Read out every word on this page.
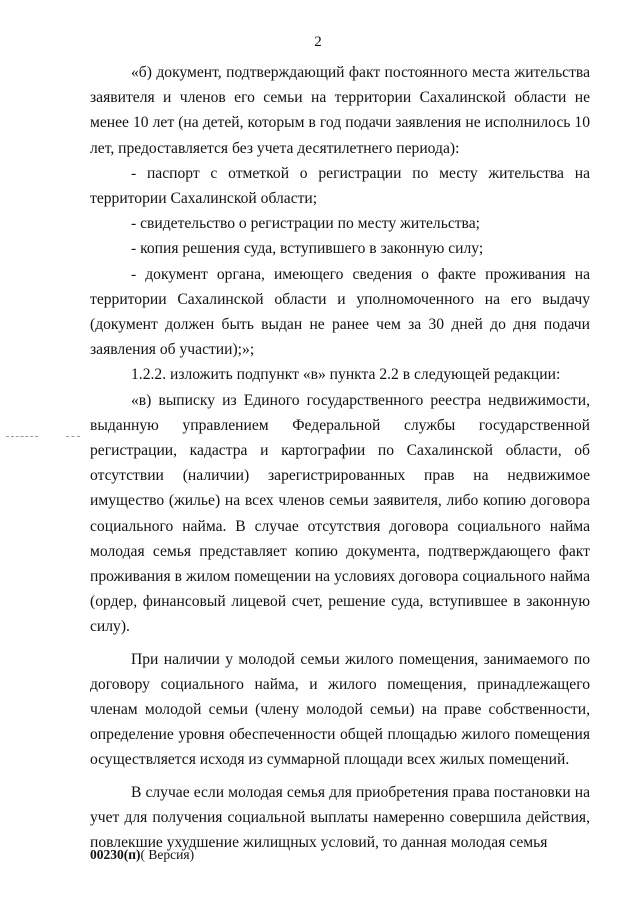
2

«б) документ, подтверждающий факт постоянного места жительства заявителя и членов его семьи на территории Сахалинской области не менее 10 лет (на детей, которым в год подачи заявления не исполнилось 10 лет, предоставляется без учета десятилетнего периода):

- паспорт с отметкой о регистрации по месту жительства на территории Сахалинской области;

- свидетельство о регистрации по месту жительства;

- копия решения суда, вступившего в законную силу;

- документ органа, имеющего сведения о факте проживания на территории Сахалинской области и уполномоченного на его выдачу (документ должен быть выдан не ранее чем за 30 дней до дня подачи заявления об участии);»;

1.2.2. изложить подпункт «в» пункта 2.2 в следующей редакции:

«в) выписку из Единого государственного реестра недвижимости, выданную управлением Федеральной службы государственной регистрации, кадастра и картографии по Сахалинской области, об отсутствии (наличии) зарегистрированных прав на недвижимое имущество (жилье) на всех членов семьи заявителя, либо копию договора социального найма. В случае отсутствия договора социального найма молодая семья представляет копию документа, подтверждающего факт проживания в жилом помещении на условиях договора социального найма (ордер, финансовый лицевой счет, решение суда, вступившее в законную силу).

При наличии у молодой семьи жилого помещения, занимаемого по договору социального найма, и жилого помещения, принадлежащего членам молодой семьи (члену молодой семьи) на праве собственности, определение уровня обеспеченности общей площадью жилого помещения осуществляется исходя из суммарной площади всех жилых помещений.

В случае если молодая семья для приобретения права постановки на учет для получения социальной выплаты намеренно совершила действия, повлекшие ухудшение жилищных условий, то данная молодая семья

00230(п)( Версия)
